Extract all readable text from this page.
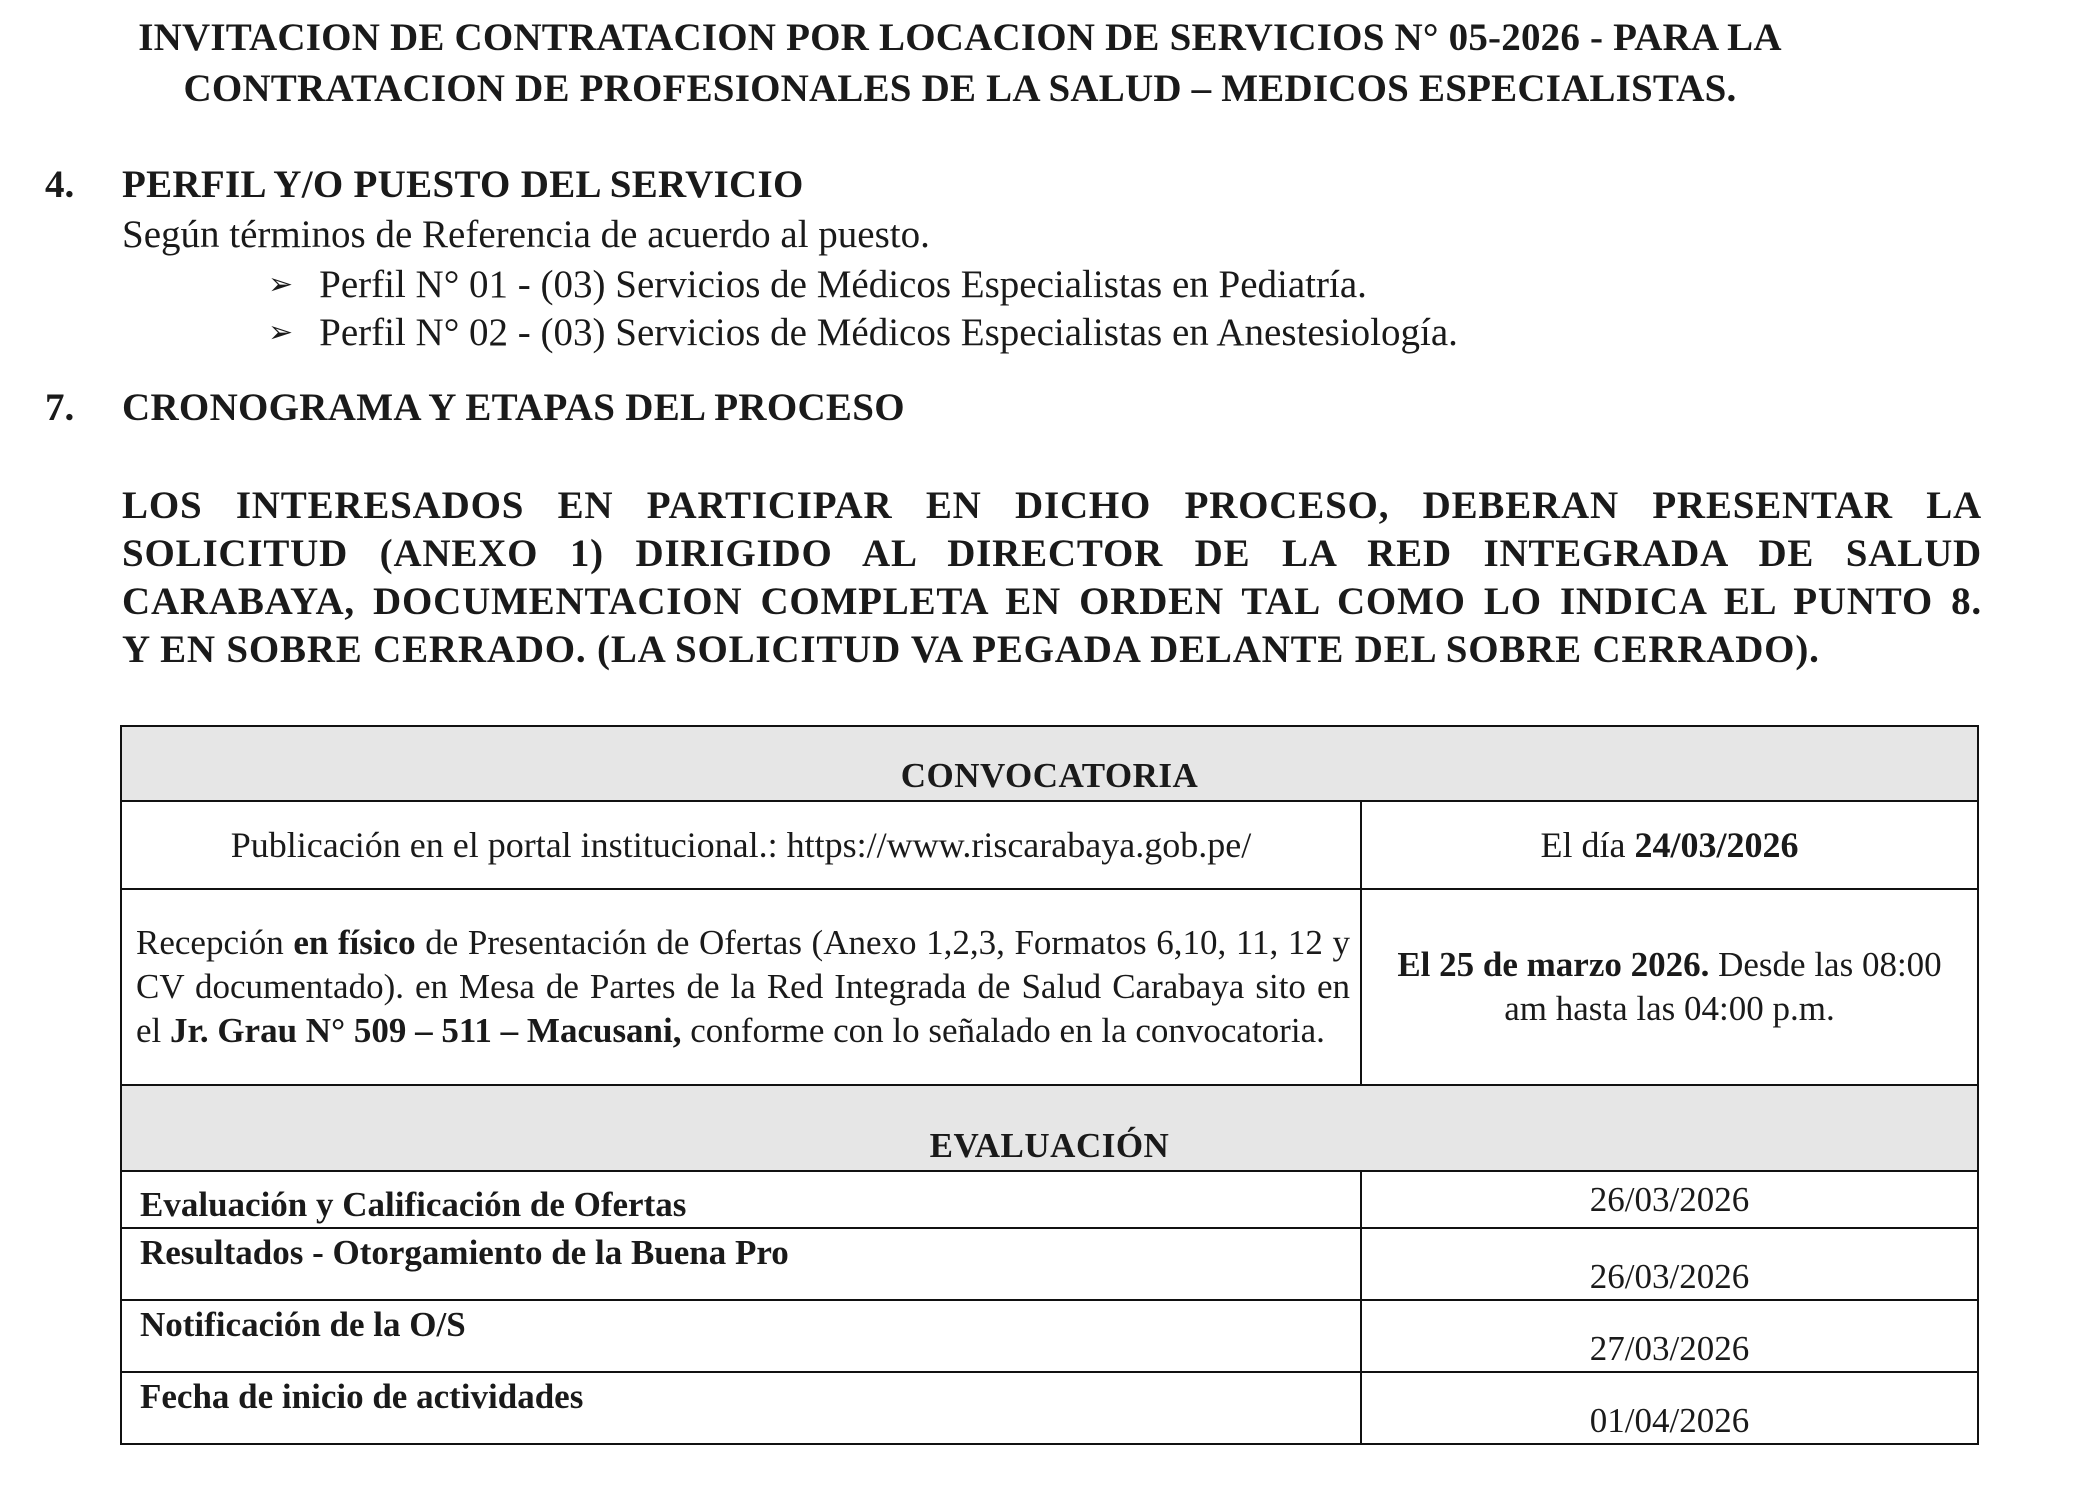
INVITACION DE CONTRATACION POR LOCACION DE SERVICIOS N° 05-2026 - PARA LA
CONTRATACION DE PROFESIONALES DE LA SALUD – MEDICOS ESPECIALISTAS.
4. PERFIL Y/O PUESTO DEL SERVICIO
Según términos de Referencia de acuerdo al puesto.
➢ Perfil N° 01 - (03) Servicios de Médicos Especialistas en Pediatría.
➢ Perfil N° 02 - (03) Servicios de Médicos Especialistas en Anestesiología.
7. CRONOGRAMA Y ETAPAS DEL PROCESO

LOS INTERESADOS EN PARTICIPAR EN DICHO PROCESO, DEBERAN PRESENTAR LA

SOLICITUD (ANEXO 1) DIRIGIDO AL DIRECTOR DE LA RED INTEGRADA DE SALUD

CARABAYA, DOCUMENTACION COMPLETA EN ORDEN TAL COMO LO INDICA EL PUNTO 8.

Y EN SOBRE CERRADO. (LA SOLICITUD VA PEGADA DELANTE DEL SOBRE CERRADO).

CONVOCATORIA	
Publicación en el portal institucional.: https://www.riscarabaya.gob.pe/	El día 24/03/2026
Recepción en físico de Presentación de Ofertas (Anexo 1,2,3, Formatos 6,10, 11, 12 y CV documentado). en Mesa de Partes de la Red Integrada de Salud Carabaya sito en el Jr. Grau N° 509 – 511 – Macusani, conforme con lo señalado en la convocatoria.	El 25 de marzo 2026. Desde las 08:00 am hasta las 04:00 p.m.
EVALUACIÓN	
Evaluación y Calificación de Ofertas	26/03/2026
Resultados - Otorgamiento de la Buena Pro	26/03/2026
Notificación de la O/S	27/03/2026
Fecha de inicio de actividades	01/04/2026
